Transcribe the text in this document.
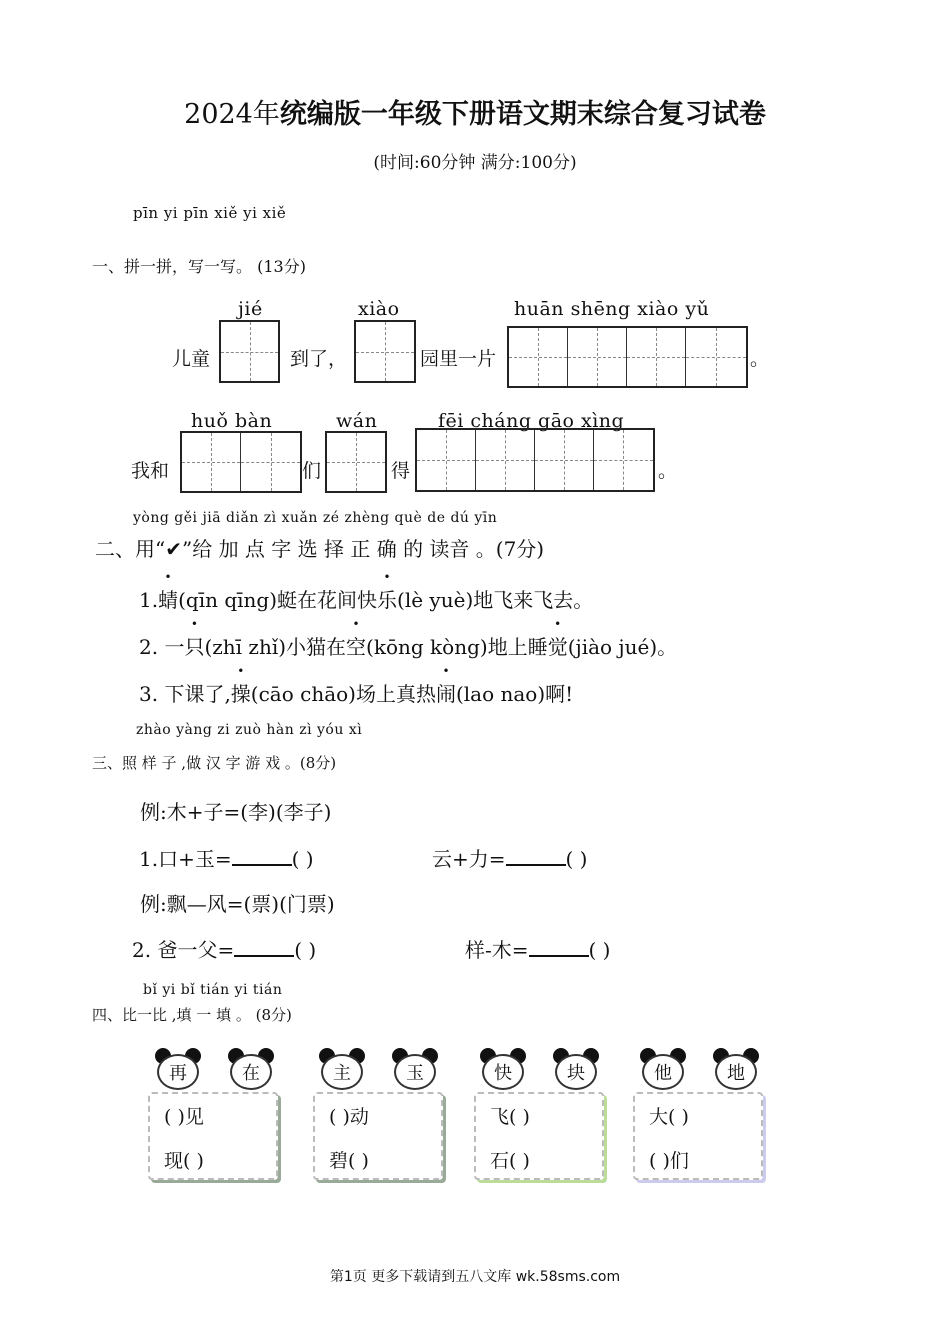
2024年统编版一年级下册语文期末综合复习试卷
(时间:60分钟 满分:100分)
pīn yi pīn xiě yi xiě
一、拼一拼，写一写。 (13分)
jié	xiào	huān shēng xiào yǔ
儿童	到了，	园里一片	。
huǒ bàn	wán	fēi cháng gāo xìng
我和	们	得	。
yòng gěi jiā diǎn zì xuǎn zé zhèng què de dú yīn
二、用“✔”给 加 点 字 选 择 正 确 的 读音 。(7分)
1.蜻(qīn qīng)蜓在花间快乐(lè yuè)地飞来飞去。
2. 一只(zhī zhǐ)小猫在空(kōng kòng)地上睡觉(jiào jué)。
3. 下课了,操(cāo chāo)场上真热闹(lao nao)啊!
zhào yàng zi zuò hàn zì yóu xì
三、照 样 子 ,做 汉 字 游 戏 。(8分)
例:木+子=(李)(李子)
1.口+玉=	( )	云+力=	( )
例:飘—风=(票)(门票)
2. 爸一父=	( )	样-木=	( )
bǐ yi bǐ tián yi tián
四、比一比 ,填 一 填 。 (8分)
再	在
( )见
现( )
主	玉
( )动
碧( )
快	块
飞( )
石( )
他	地
大( )
( )们
第1页 更多下载请到五八文库 wk.58sms.com
